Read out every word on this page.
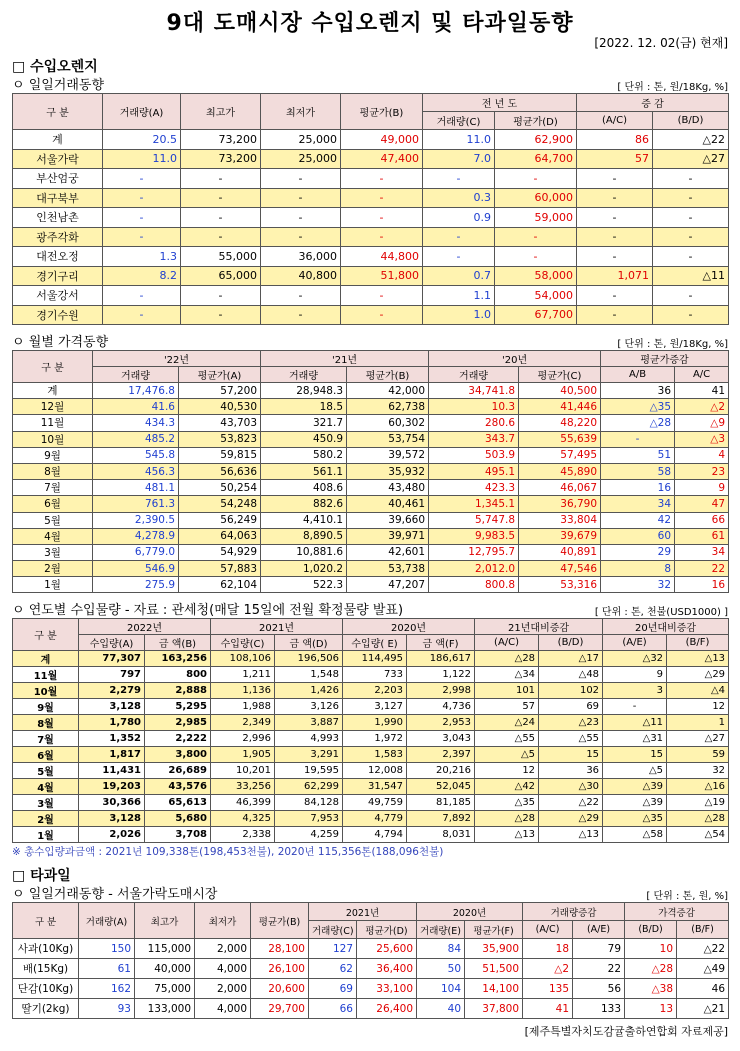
9대 도매시장 수입오렌지 및 타과일동향
[2022. 12. 02(금) 현재]
□ 수입오렌지
ㅇ 일일거래동향	[ 단위 : 톤, 원/18Kg, %]
구 분	거래량(A)	최고가	최저가	평균가(B)	전 년 도		증 감	
					거래량(C)	평균가(D)	(A/C)	(B/D)
계	20.5	73,200	25,000	49,000	11.0	62,900	86	△22
서울가락	11.0	73,200	25,000	47,400	7.0	64,700	57	△27
부산엄궁	-	-	-	-	-	-	-	-
대구북부	-	-	-	-	0.3	60,000	-	-
인천남촌	-	-	-	-	0.9	59,000	-	-
광주각화	-	-	-	-	-	-	-	-
대전오정	1.3	55,000	36,000	44,800	-	-	-	-
경기구리	8.2	65,000	40,800	51,800	0.7	58,000	1,071	△11
서울강서	-	-	-	-	1.1	54,000	-	-
경기수원	-	-	-	-	1.0	67,700	-	-
ㅇ 월별 가격동향	[ 단위 : 톤, 원/18Kg, %]
구 분	'22년		'21년		'20년		평균가증감	
	거래량	평균가(A)	거래량	평균가(B)	거래량	평균가(C)	A/B	A/C
계	17,476.8	57,200	28,948.3	42,000	34,741.8	40,500	36	41
12월	41.6	40,530	18.5	62,738	10.3	41,446	△35	△2
11월	434.3	43,703	321.7	60,302	280.6	48,220	△28	△9
10월	485.2	53,823	450.9	53,754	343.7	55,639	-	△3
9월	545.8	59,815	580.2	39,572	503.9	57,495	51	4
8월	456.3	56,636	561.1	35,932	495.1	45,890	58	23
7월	481.1	50,254	408.6	43,480	423.3	46,067	16	9
6월	761.3	54,248	882.6	40,461	1,345.1	36,790	34	47
5월	2,390.5	56,249	4,410.1	39,660	5,747.8	33,804	42	66
4월	4,278.9	64,063	8,890.5	39,971	9,983.5	39,679	60	61
3월	6,779.0	54,929	10,881.6	42,601	12,795.7	40,891	29	34
2월	546.9	57,883	1,020.2	53,738	2,012.0	47,546	8	22
1월	275.9	62,104	522.3	47,207	800.8	53,316	32	16
ㅇ 연도별 수입물량 - 자료 : 관세청(매달 15일에 전월 확정물량 발표)	[ 단위 : 톤, 천불(USD1000) ]
구 분	2022년		2021년		2020년		21년대비증감		20년대비증감	
	수입량(A)	금 액(B)	수입량(C)	금 액(D)	수입량( E)	금 액(F)	(A/C)	(B/D)	(A/E)	(B/F)
계	77,307	163,256	108,106	196,506	114,495	186,617	△28	△17	△32	△13
11월	797	800	1,211	1,548	733	1,122	△34	△48	9	△29
10월	2,279	2,888	1,136	1,426	2,203	2,998	101	102	3	△4
9월	3,128	5,295	1,988	3,126	3,127	4,736	57	69	-	12
8월	1,780	2,985	2,349	3,887	1,990	2,953	△24	△23	△11	1
7월	1,352	2,222	2,996	4,993	1,972	3,043	△55	△55	△31	△27
6월	1,817	3,800	1,905	3,291	1,583	2,397	△5	15	15	59
5월	11,431	26,689	10,201	19,595	12,008	20,216	12	36	△5	32
4월	19,203	43,576	33,256	62,299	31,547	52,045	△42	△30	△39	△16
3월	30,366	65,613	46,399	84,128	49,759	81,185	△35	△22	△39	△19
2월	3,128	5,680	4,325	7,953	4,779	7,892	△28	△29	△35	△28
1월	2,026	3,708	2,338	4,259	4,794	8,031	△13	△13	△58	△54
※ 총수입량과금액 : 2021년 109,338톤(198,453천불), 2020년 115,356톤(188,096천불)
□ 타과일
ㅇ 일일거래동향 - 서울가락도매시장	[ 단위 : 톤, 원, %]
구 분	거래량(A)	최고가	최저가	평균가(B)	2021년		2020년		거래량증감		가격증감	
					거래량(C)	평균가(D)	거래량(E)	평균가(F)	(A/C)	(A/E)	(B/D)	(B/F)
사과(10Kg)	150	115,000	2,000	28,100	127	25,600	84	35,900	18	79	10	△22
배(15Kg)	61	40,000	4,000	26,100	62	36,400	50	51,500	△2	22	△28	△49
단감(10Kg)	162	75,000	2,000	20,600	69	33,100	104	14,100	135	56	△38	46
딸기(2kg)	93	133,000	4,000	29,700	66	26,400	40	37,800	41	133	13	△21
[제주특별자치도감귤출하연합회 자료제공]
